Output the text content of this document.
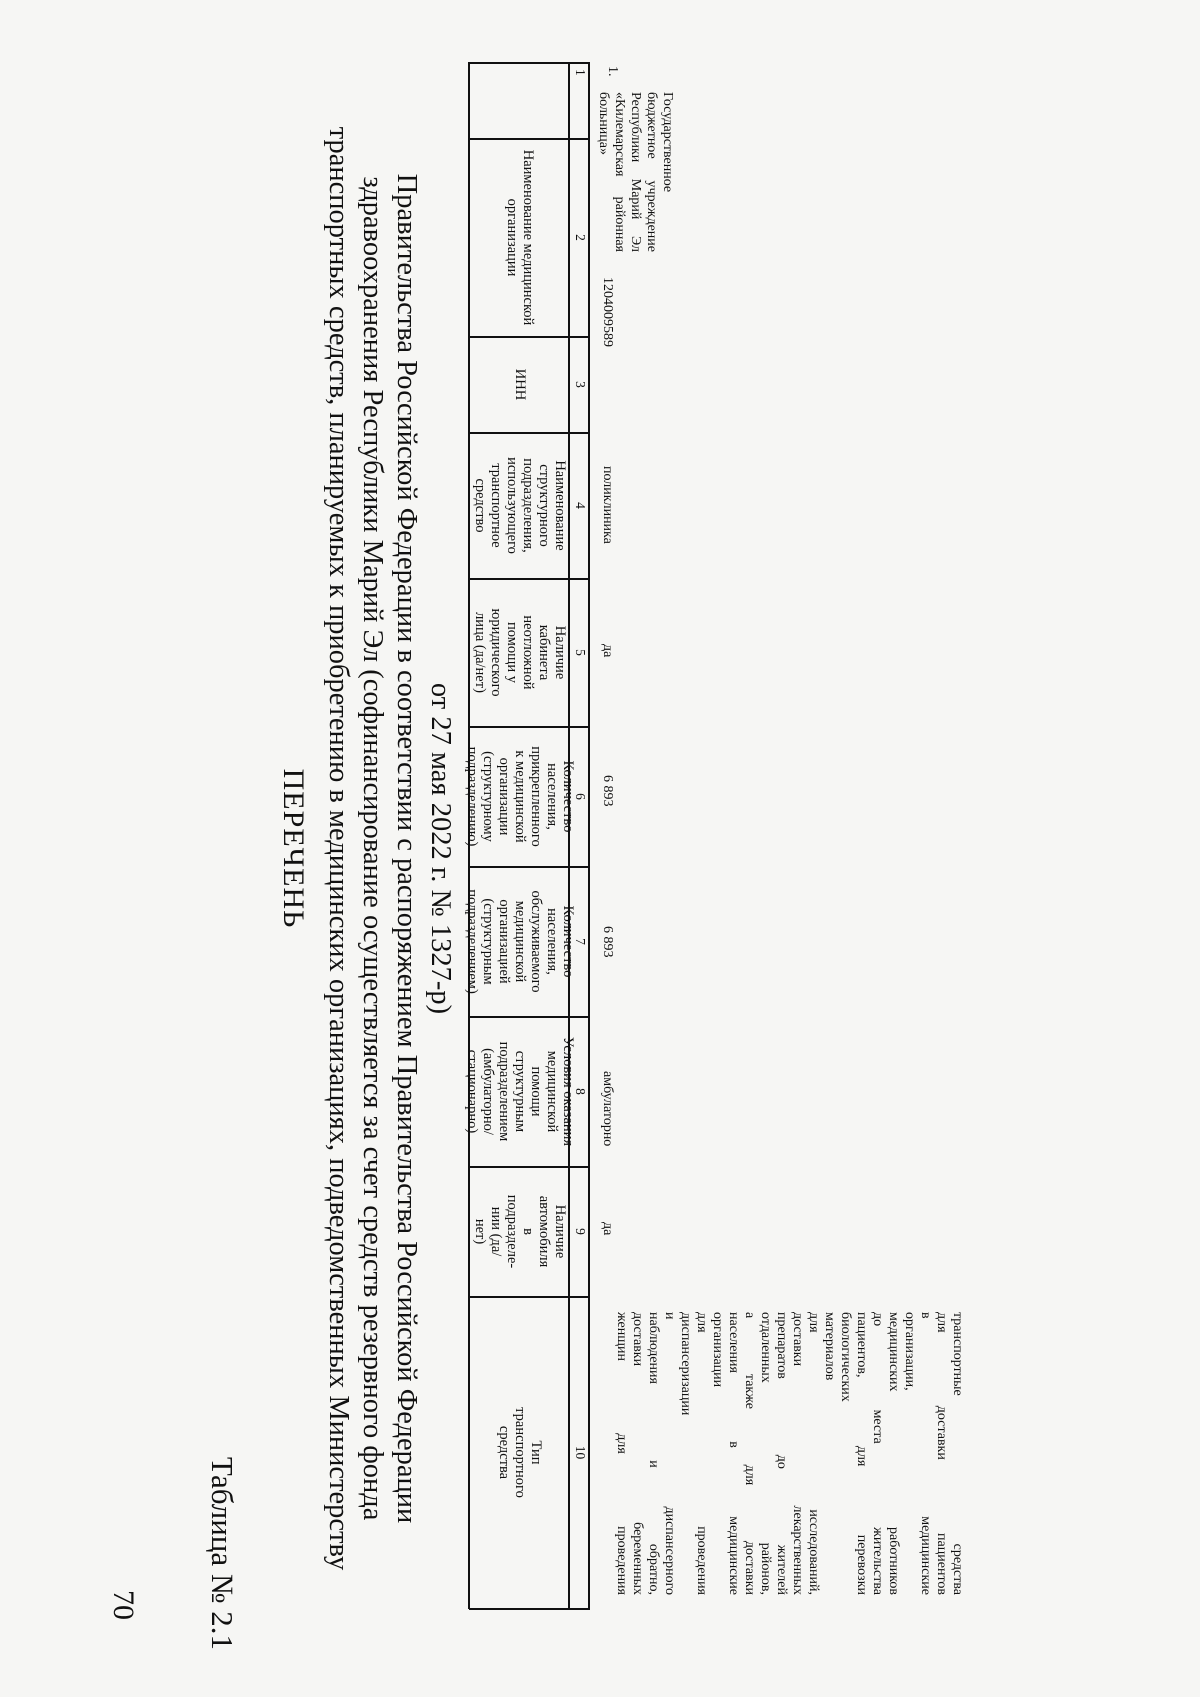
70 Таблица № 2.1
ПЕРЕЧЕНЬ транспортных средств, планируемых к приобретению в медицинских организациях, подведомственных Министерству здравоохранения Республики Марий Эл (софинансирование осуществляется за счет средств резервного фонда Правительства Российской Федерации в соответствии с распоряжением Правительства Российской Федерации от 27 мая 2022 г. № 1327-р)
Наименование медицинской организации
ИНН
Наименование структурного подразделения, использующего транспортное средство
Наличие кабинета неотложной помощи у юридического лица (да/нет)
Количество населения, прикрепленного к медицинской организации (структурному подразделению)
Количество населения, обслуживаемого медицинской организацией (структурным подразделением)
Условия оказания медицинской помощи структурным подразделением (амбулаторно/ стационарно)
Наличие автомобиля в подразделе- нии (да/нет)
Тип транспортного средства
1
2
3
4
5
6
7
8
9
10
1.
Государственное
бюджетное учреждение
Республики Марий Эл
«Килемарская районная
больница»
1204009589
поликлиника
да
6 893
6 893
амбулаторно
да
транспортные средства
для доставки пациентов
в медицинские
организации,
медицинских работников
до места жительства
пациентов, для перевозки
биологических
материалов
для исследований,
доставки лекарственных
препаратов до жителей
отдаленных районов,
а также для доставки
населения в медицинские
организации
для проведения
диспансеризации
и диспансерного
наблюдения и обратно,
доставки беременных
женщин для проведения
